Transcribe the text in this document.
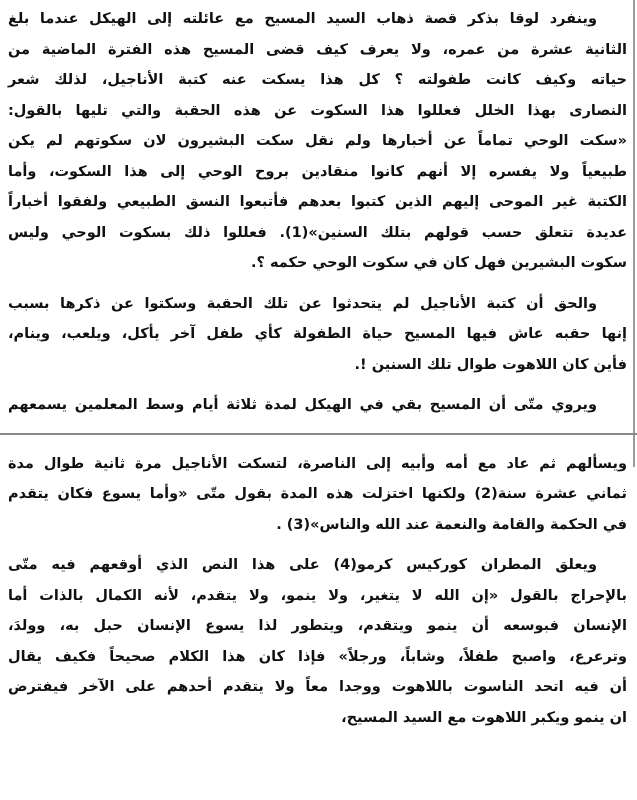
وينفرد لوقا بذكر قصة ذهاب السيد المسيح مع عائلته إلى الهيكل عندما بلغ
الثانية عشرة من عمره، ولا يعرف كيف قضى المسيح هذه الفترة الماضية من
حياته وكيف كانت طفولته ؟ كل هذا يسكت عنه كتبة الأناجيل، لذلك شعر
النصارى بهذا الخلل فعللوا هذا السكوت عن هذه الحقبة والتي تليها بالقول:
«سكت الوحي تماماً عن أخبارها ولم نقل سكت البشيرون لان سكوتهم لم يكن
طبيعياً ولا يفسره إلا أنهم كانوا منقادين بروح الوحي إلى هذا السكوت، وأما
الكتبة غير الموحى إليهم الذين كتبوا بعدهم فأتبعوا النسق الطبيعي ولفقوا أخباراً
عديدة تتعلق حسب قولهم بتلك السنين»(1). فعللوا ذلك بسكوت الوحي وليس
سكوت البشيرين فهل كان في سكوت الوحي حكمه ؟.
والحق أن كتبة الأناجيل لم يتحدثوا عن تلك الحقبة وسكتوا عن ذكرها بسبب
إنها حقبه عاش فيها المسيح حياة الطفولة كأي طفل آخر يأكل، ويلعب، وينام،
فأين كان اللاهوت طوال تلك السنين !.
ويروي متّى أن المسيح بقي في الهيكل لمدة ثلاثة أيام وسط المعلمين يسمعهم
ويسألهم ثم عاد مع أمه وأبيه إلى الناصرة، لتسكت الأناجيل مرة ثانية طوال مدة
ثماني عشرة سنة(2) ولكنها اختزلت هذه المدة بقول متّى «وأما يسوع فكان يتقدم
في الحكمة والقامة والنعمة عند الله والناس»(3) .
ويعلق المطران كوركيس كرمو(4) على هذا النص الذي أوقعهم فيه متّى
بالإحراج بالقول «إن الله لا يتغير، ولا ينمو، ولا يتقدم، لأنه الكمال بالذات أما
الإنسان فبوسعه أن ينمو ويتقدم، ويتطور لذا يسوع الإنسان حبل به، وولدَ،
وترعرع، واصبح طفلاً، وشاباً، ورجلاً» فإذا كان هذا الكلام صحيحاً فكيف يقال
أن فيه اتحد الناسوت باللاهوت ووجدا معاً ولا يتقدم أحدهم على الآخر فيفترض
ان ينمو ويكبر اللاهوت مع السيد المسيح،
